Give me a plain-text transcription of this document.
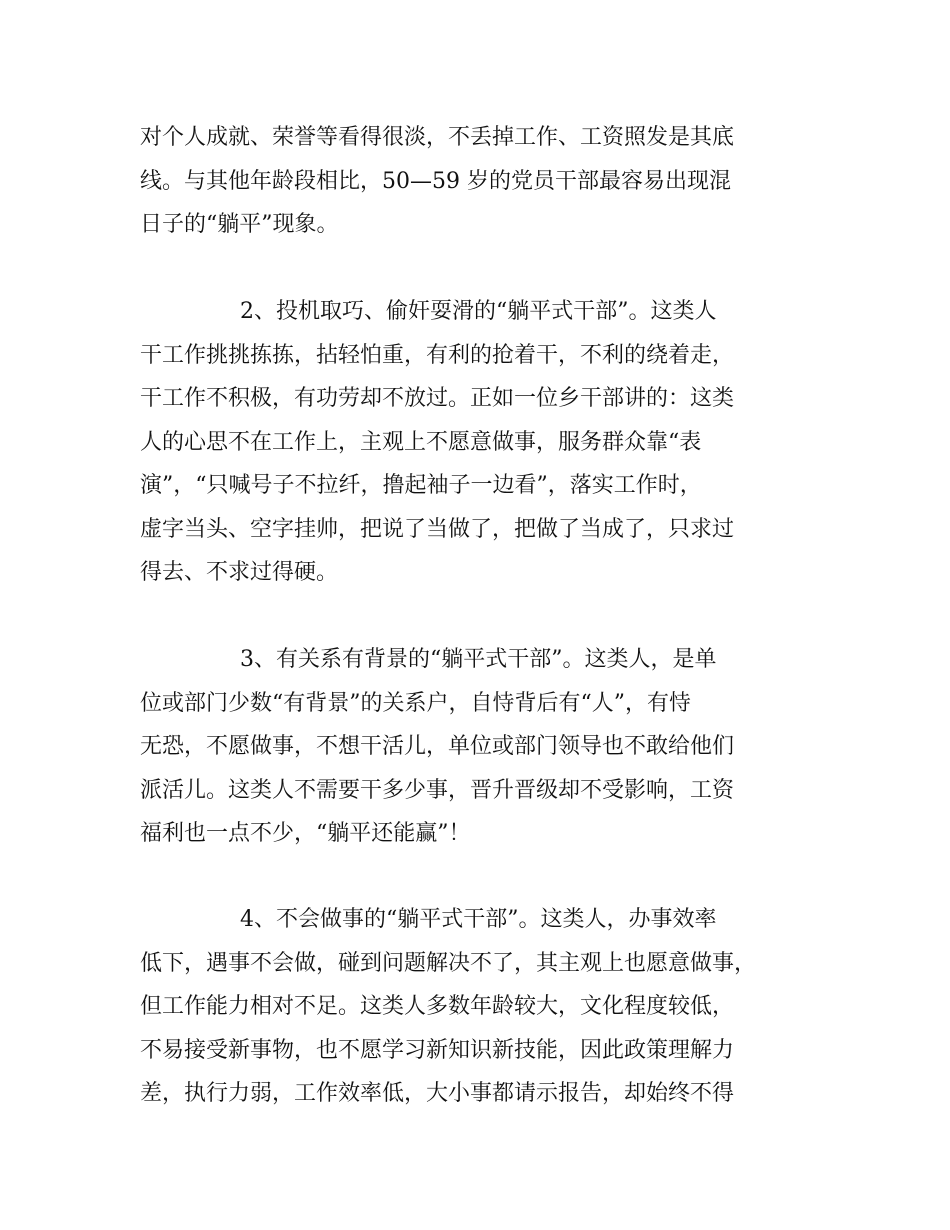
对个人成就、荣誉等看得很淡，不丢掉工作、工资照发是其底
线。与其他年龄段相比，50—59 岁的党员干部最容易出现混
日子的“躺平”现象。
2、投机取巧、偷奸耍滑的“躺平式干部”。这类人
干工作挑挑拣拣，拈轻怕重，有利的抢着干，不利的绕着走，
干工作不积极，有功劳却不放过。正如一位乡干部讲的：这类
人的心思不在工作上，主观上不愿意做事，服务群众靠“表
演”，“只喊号子不拉纤，撸起袖子一边看”，落实工作时，
虚字当头、空字挂帅，把说了当做了，把做了当成了，只求过
得去、不求过得硬。
3、有关系有背景的“躺平式干部”。这类人，是单
位或部门少数“有背景”的关系户，自恃背后有“人”，有恃
无恐，不愿做事，不想干活儿，单位或部门领导也不敢给他们
派活儿。这类人不需要干多少事，晋升晋级却不受影响，工资
福利也一点不少，“躺平还能赢”！
4、不会做事的“躺平式干部”。这类人，办事效率
低下，遇事不会做，碰到问题解决不了，其主观上也愿意做事，
但工作能力相对不足。这类人多数年龄较大，文化程度较低，
不易接受新事物，也不愿学习新知识新技能，因此政策理解力
差，执行力弱，工作效率低，大小事都请示报告，却始终不得
